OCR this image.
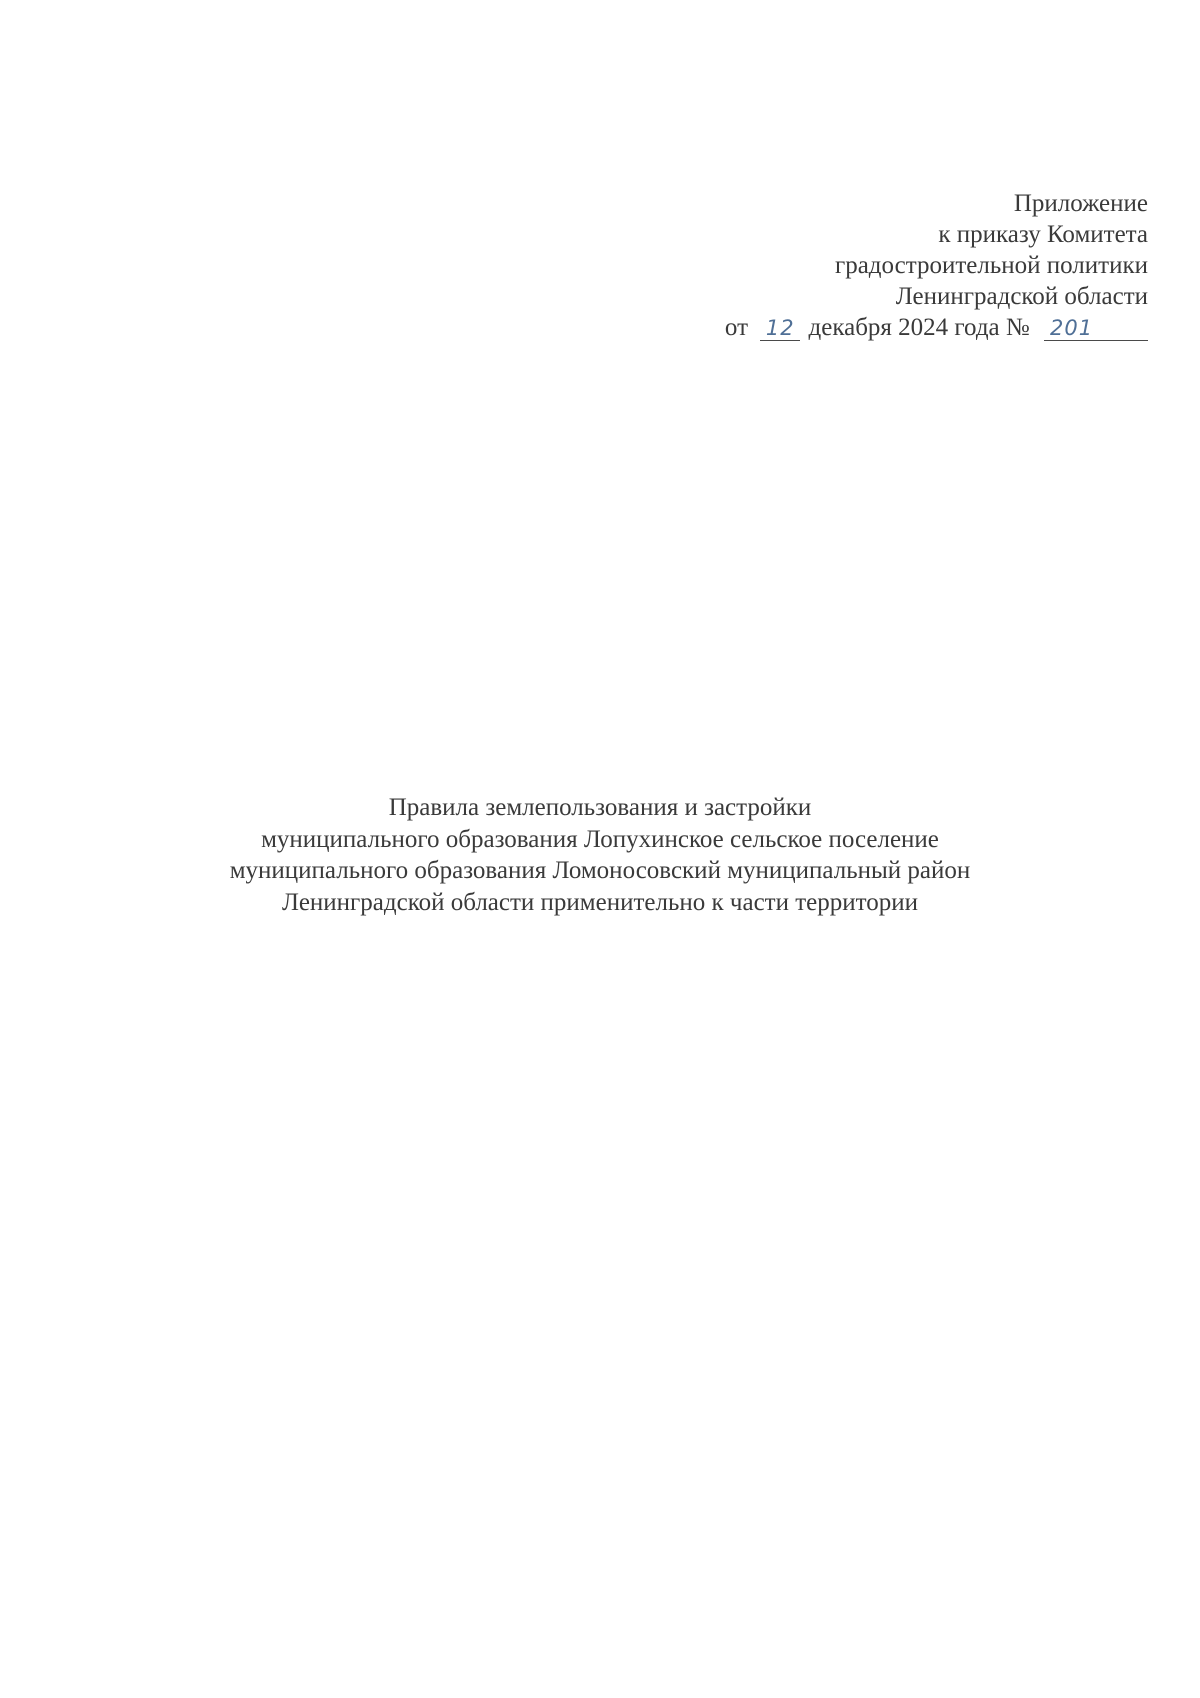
Приложение
к приказу Комитета
градостроительной политики
Ленинградской области
от 12 декабря 2024 года № 201
Правила землепользования и застройки
муниципального образования Лопухинское сельское поселение
муниципального образования Ломоносовский муниципальный район
Ленинградской области применительно к части территории
